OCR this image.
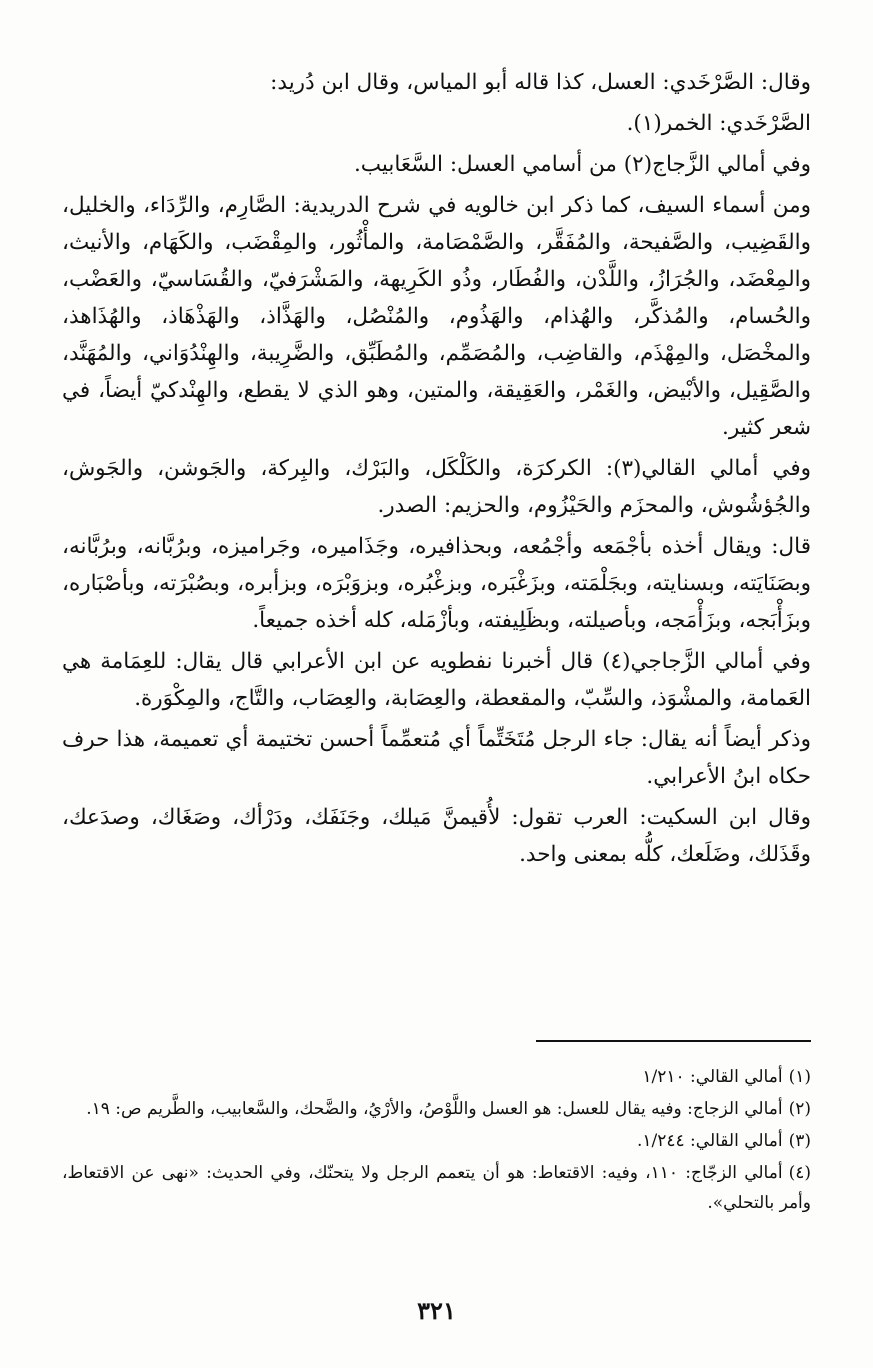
وقال: الصَّرْخَدي: العسل، كذا قاله أبو المياس، وقال ابن دُريد:

الصَّرْخَدي: الخمر(١).

وفي أمالي الزَّجاج(٢) من أسامي العسل: السَّعَابيب.

ومن أسماء السيف، كما ذكر ابن خالويه في شرح الدريدية: الصَّارِم، والرِّدَاء، والخليل، والقَضِيب، والصَّفيحة، والمُفَقَّر، والصَّمْصَامة، والمأْثُور، والمِقْضَب، والكَهَام، والأنيث، والمِعْضَد، والجُرَازُ، واللَّدْن، والفُطَار، وذُو الكَرِيهة، والمَشْرَفيّ، والقُسَاسيّ، والعَضْب، والحُسام، والمُذكَّر، والهُذام، والهَذُوم، والمُنْصُل، والهَذَّاذ، والهَذْهَاذ، والهُذَاهذ، والمخْصَل، والمِهْذَم، والقاضِب، والمُصَمِّم، والمُطَبِّق، والضَّرِيبة، والهِنْدُوَاني، والمُهَنَّد، والصَّقِيل، والأبْيض، والغَمْر، والعَقِيقة، والمتين، وهو الذي لا يقطع، والهِنْدكيّ أيضاً، في شعر كثير.

وفي أمالي القالي(٣): الكركرَة، والكَلْكَل، والبَرْك، والبِركة، والجَوشن، والجَوش، والجُؤشُوش، والمحزَم والحَيْزُوم، والحزيم: الصدر.

قال: ويقال أخذه بأجْمَعه وأجْمُعه، وبحذافيره، وجَذَاميره، وجَراميزه، وبرُبَّانه، وبرُبَّانه، وبصَنَايَته، وبسنايته، وبجَلْمَته، وبزَغْبَره، وبزغْبُره، وبزوَبْرَه، وبزأبره، وبصُبْرَته، وبأصْبَاره، وبزَأْبَجه، وبزَأْمَجه، وبأصيلته، وبظَلِيفته، وبأزْمَله، كله أخذه جميعاً.

وفي أمالي الزَّجاجي(٤) قال أخبرنا نفطويه عن ابن الأعرابي قال يقال: للعِمَامة هي العَمامة، والمشْوَذ، والسِّبّ، والمقعطة، والعِصَابة، والعِصَاب، والتَّاج، والمِكْوَرة.

وذكر أيضاً أنه يقال: جاء الرجل مُتَخَتِّماً أي مُتعمِّماً أحسن تختيمة أي تعميمة، هذا حرف حكاه ابنُ الأعرابي.

وقال ابن السكيت: العرب تقول: لأُقيمنَّ مَيلك، وجَنَفَك، ودَرْأك، وصَغَاك، وصدَعك، وقَذَلك، وضَلَعك، كلُّه بمعنى واحد.

(١)أمالي القالي: ١/٢١٠

(٢)أمالي الزجاج: وفيه يقال للعسل: هو العسل واللَّوْصُ، والأرْيُ، والضَّحك، والسَّعابيب، والطَّريم ص: ١٩.

(٣)أمالي القالي: ١/٢٤٤.

(٤)أمالي الزجّاج: ١١٠، وفيه: الاقتعاط: هو أن يتعمم الرجل ولا يتحنّك، وفي الحديث: «نهى عن الاقتعاط، وأمر بالتحلي».

٣٢١
